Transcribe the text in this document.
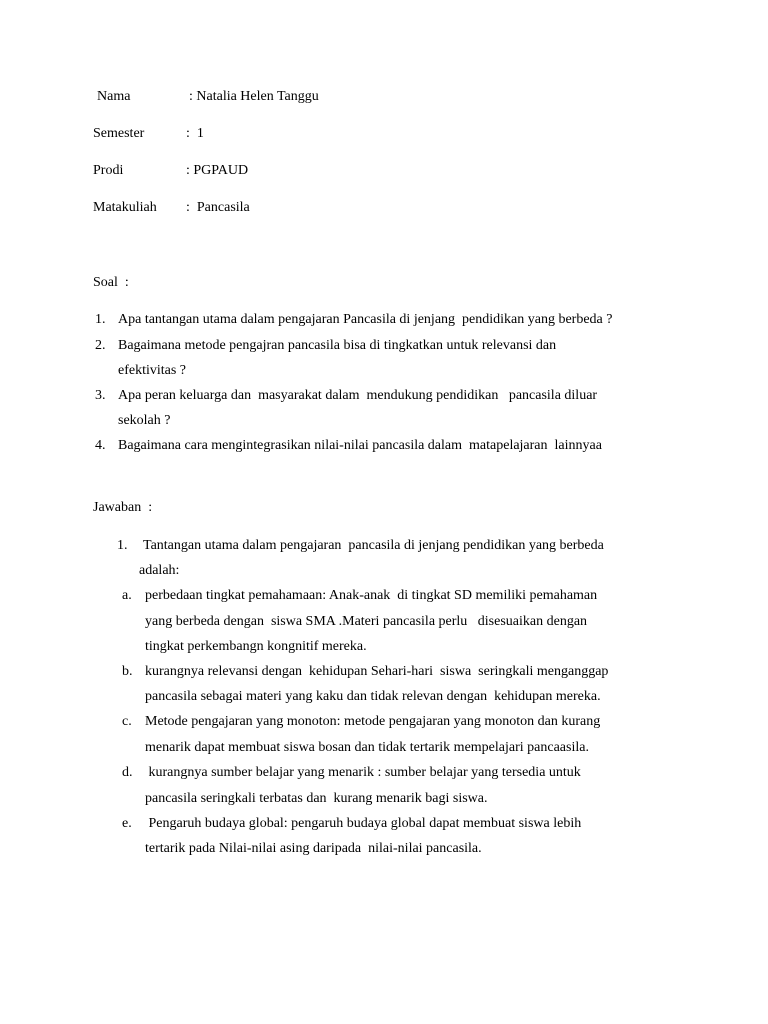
Nama	: Natalia Helen Tanggu
Semester	:  1
Prodi	: PGPAUD
Matakuliah :  Pancasila
Soal  :
1. Apa tantangan utama dalam pengajaran Pancasila di jenjang  pendidikan yang berbeda ?
2. Bagaimana metode pengajran pancasila bisa di tingkatkan untuk relevansi dan
efektivitas ?
3. Apa peran keluarga dan  masyarakat dalam  mendukung pendidikan   pancasila diluar
sekolah ?
4. Bagaimana cara mengintegrasikan nilai-nilai pancasila dalam  matapelajaran  lainnyaa
Jawaban  :
1. Tantangan utama dalam pengajaran  pancasila di jenjang pendidikan yang berbeda
adalah:
a. perbedaan tingkat pemahamaan: Anak-anak  di tingkat SD memiliki pemahaman
yang berbeda dengan  siswa SMA .Materi pancasila perlu   disesuaikan dengan
tingkat perkembangn kongnitif mereka.
b. kurangnya relevansi dengan  kehidupan Sehari-hari  siswa  seringkali menganggap
pancasila sebagai materi yang kaku dan tidak relevan dengan  kehidupan mereka.
c. Metode pengajaran yang monoton: metode pengajaran yang monoton dan kurang
menarik dapat membuat siswa bosan dan tidak tertarik mempelajari pancaasila.
d. kurangnya sumber belajar yang menarik : sumber belajar yang tersedia untuk
pancasila seringkali terbatas dan  kurang menarik bagi siswa.
e. Pengaruh budaya global: pengaruh budaya global dapat membuat siswa lebih
tertarik pada Nilai-nilai asing daripada  nilai-nilai pancasila.
